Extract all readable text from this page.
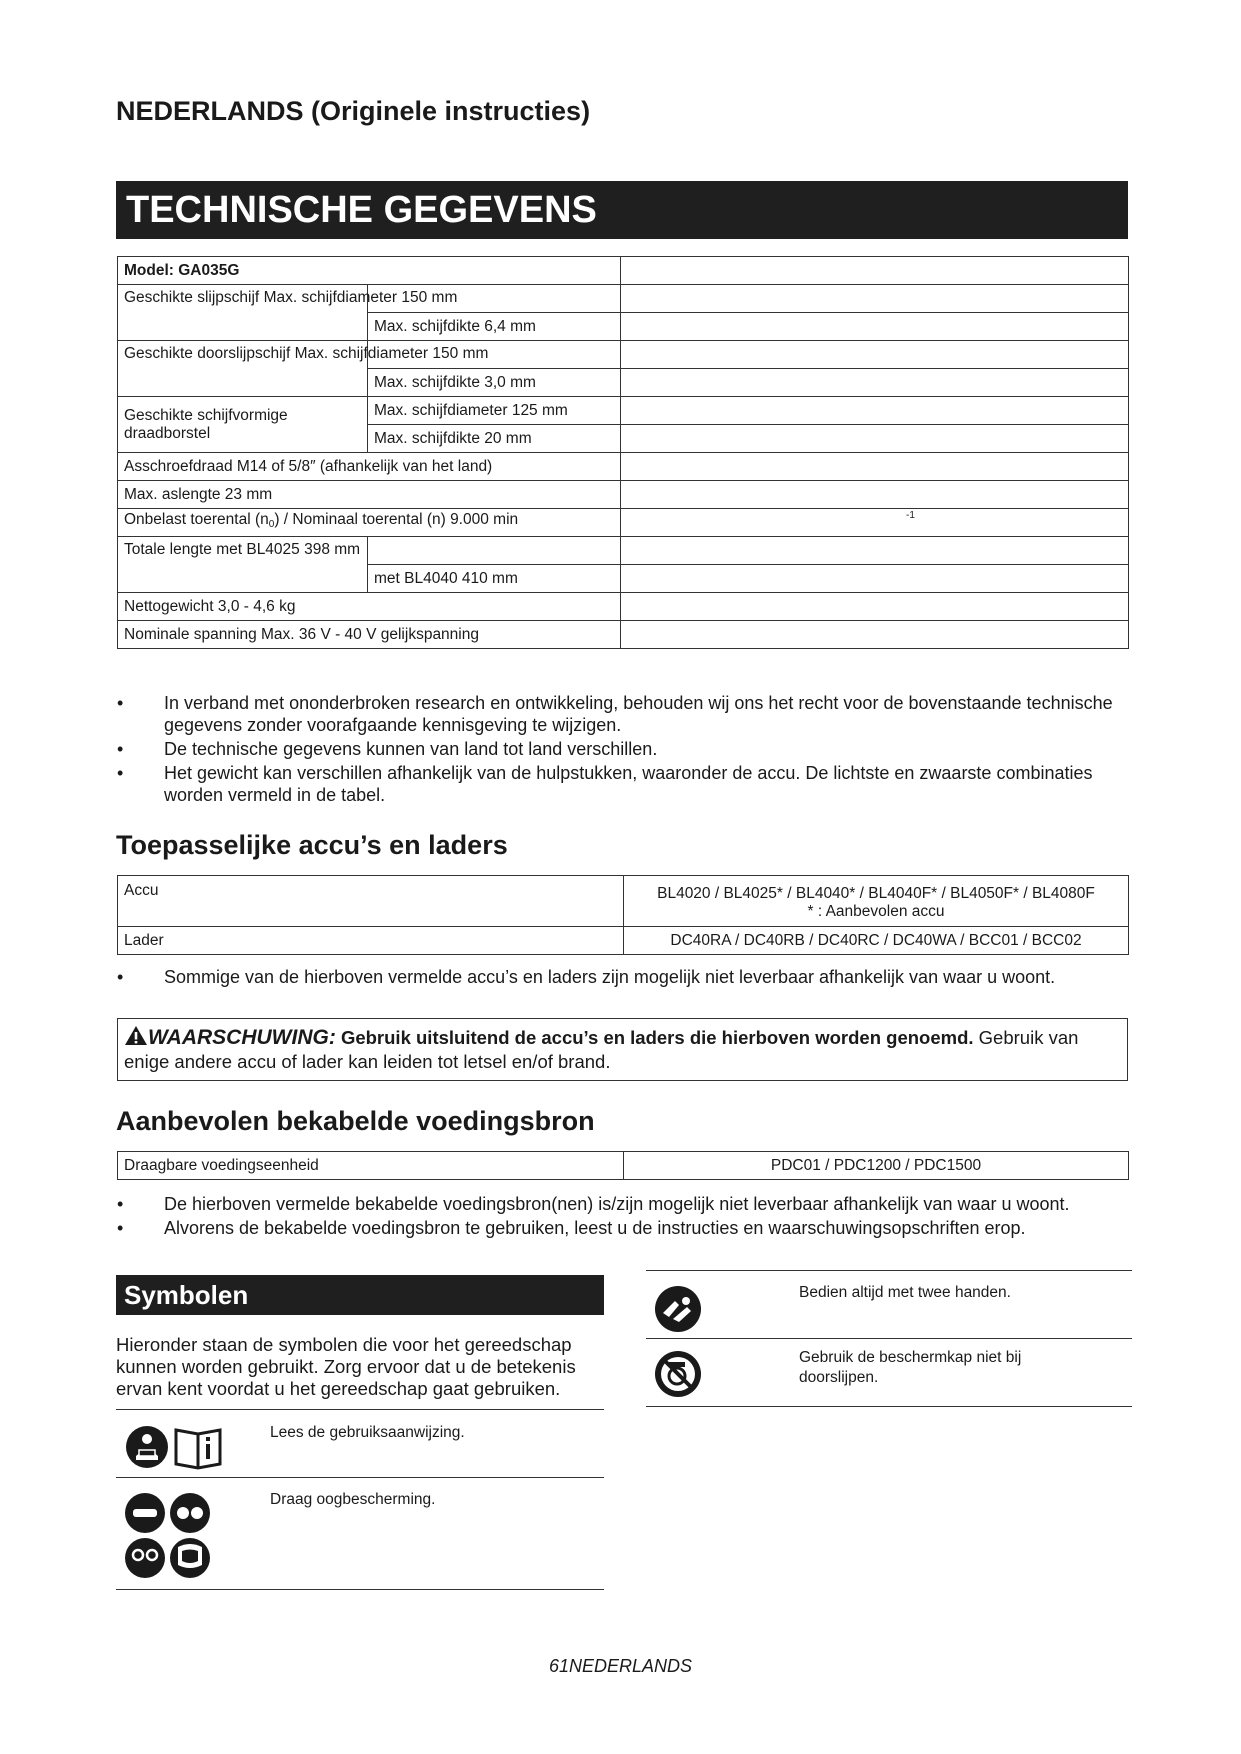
NEDERLANDS (Originele instructies)
TECHNISCHE GEGEVENS
Model: GA035G		
Geschikte slijpschijf Max. schijfdiameter 150 mm		
	Max. schijfdikte 6,4 mm	
Geschikte doorslijpschijf Max. schijfdiameter 150 mm		
	Max. schijfdikte 3,0 mm	
Geschikte schijfvormige draadborstel	Max. schijfdiameter 125 mm	
	Max. schijfdikte 20 mm	
Asschroefdraad M14 of 5/8″ (afhankelijk van het land)		
Max. aslengte 23 mm		
Onbelast toerental $(n_0)$ / Nominaal toerental (n) 9.000 min		-1

Totale lengte met BL4025 398 mm		
	met BL4040 410 mm	
Nettogewicht 3,0 - 4,6 kg		
Nominale spanning Max. 36 V - 40 V gelijkspanning		
• In verband met ononderbroken research en ontwikkeling, behouden wij ons het recht voor de bovenstaande technische gegevens zonder voorafgaande kennisgeving te wijzigen.
• De technische gegevens kunnen van land tot land verschillen.
• Het gewicht kan verschillen afhankelijk van de hulpstukken, waaronder de accu. De lichtste en zwaarste combinaties worden vermeld in de tabel.
Toepasselijke accu’s en laders
Accu	BL4020 / BL4025* / BL4040* / BL4040F* / BL4050F* / BL4080F
* : Aanbevolen accu

Lader	DC40RA / DC40RB / DC40RC / DC40WA / BCC01 / BCC02
• Sommige van de hierboven vermelde accu’s en laders zijn mogelijk niet leverbaar afhankelijk van waar u woont.
WAARSCHUWING: Gebruik uitsluitend de accu’s en laders die hierboven worden genoemd. Gebruik van enige andere accu of lader kan leiden tot letsel en/of brand.
Aanbevolen bekabelde voedingsbron
Draagbare voedingseenheid	PDC01 / PDC1200 / PDC1500
• De hierboven vermelde bekabelde voedingsbron(nen) is/zijn mogelijk niet leverbaar afhankelijk van waar u woont.
• Alvorens de bekabelde voedingsbron te gebruiken, leest u de instructies en waarschuwingsopschriften erop.
Symbolen
Hieronder staan de symbolen die voor het gereedschap kunnen worden gebruikt. Zorg ervoor dat u de betekenis ervan kent voordat u het gereedschap gaat gebruiken.
Lees de gebruiksaanwijzing.
Draag oogbescherming.
Bedien altijd met twee handen.
Gebruik de beschermkap niet bij doorslijpen.
61NEDERLANDS
